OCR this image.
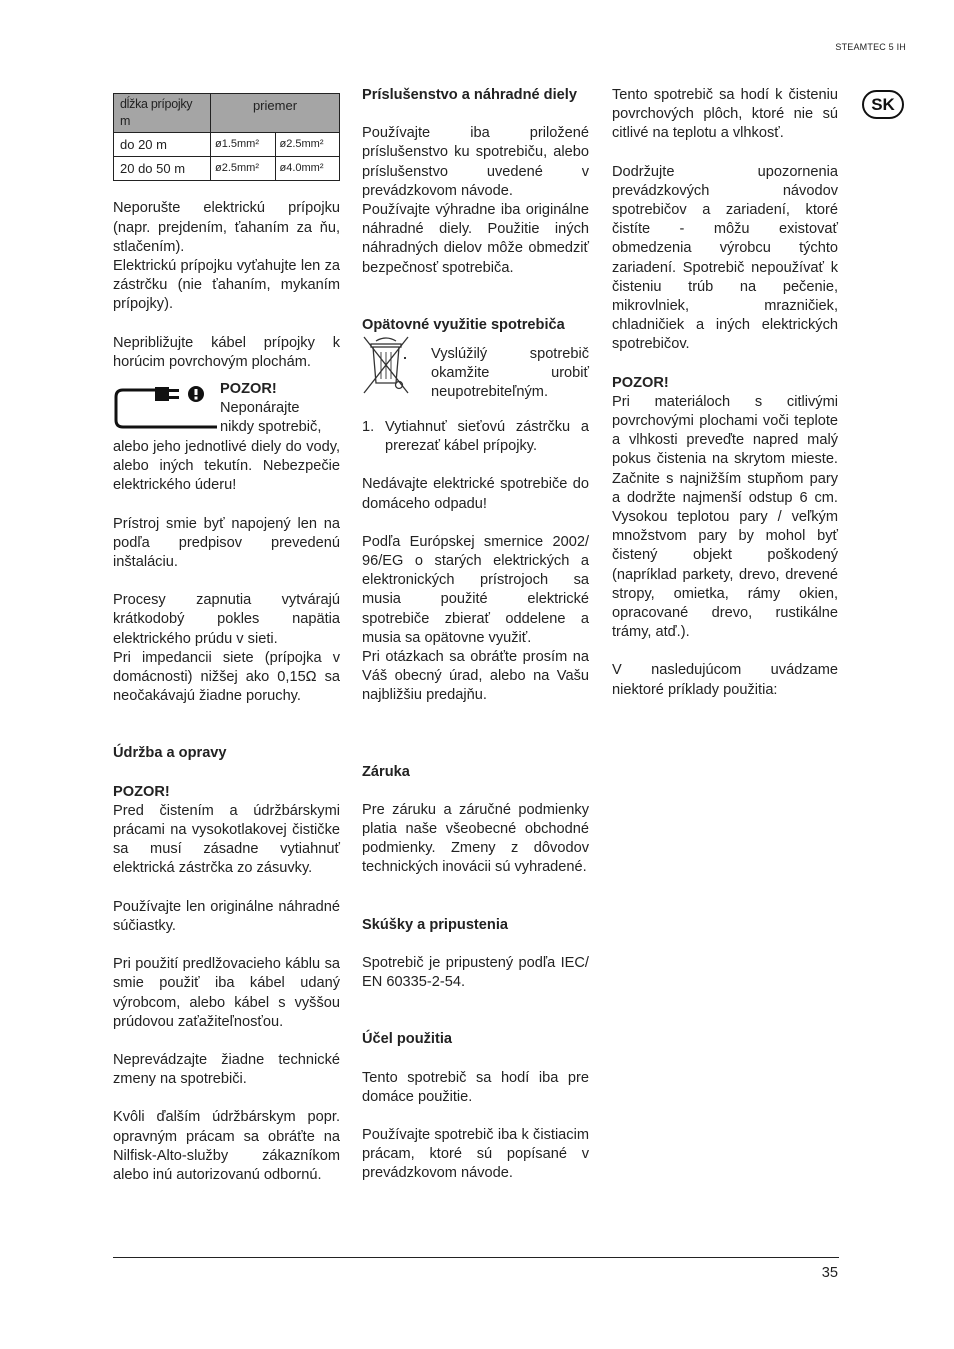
STEAMTEC 5 IH
SK
dĺžka prípojky m	priemer	
do 20 m	ø1.5mm²	ø2.5mm²
20 do 50 m	ø2.5mm²	ø4.0mm²

Neporušte elektrickú prípojku (napr. prejdením, ťahaním za ňu, stlačením).

Elektrickú prípojku vyťahujte len za zástrčku (nie ťahaním, mykaním prípojky).

Nepribližujte kábel prípojky k horúcim povrchovým plochám.

POZOR!
Neponárajte
nikdy spotrebič,

alebo jeho jednotlivé diely do vody, alebo iných tekutín. Nebezpečie elektrického úderu!

Prístroj smie byť napojený len na podľa predpisov prevedenú inštaláciu.

Procesy zapnutia vytvárajú krátkodobý pokles napätia elektrického prúdu v sieti.

Pri impedancii siete (prípojka v domácnosti) nižšej ako 0,15Ω sa neočakávajú žiadne poruchy.

Údržba a opravy
POZOR!

Pred čistením a údržbárskymi prácami na vysokotlakovej čističke sa musí zásadne vytiahnuť elektrická zástrčka zo zásuvky.

Používajte len originálne náhradné súčiastky.

Pri použití predlžovacieho káblu sa smie použiť iba kábel udaný výrobcom, alebo kábel s vyššou prúdovou zaťažiteľnosťou.

Neprevádzajte žiadne technické zmeny na spotrebiči.

Kvôli ďalším údržbárskym popr. opravným prácam sa obráťte na Nilfisk-Alto-služby zákazníkom alebo inú autorizovanú odbornú.

Príslušenstvo a náhradné diely

Používajte iba priložené príslušenstvo ku spotrebiču, alebo príslušenstvo uvedené v prevádzkovom návode.

Používajte výhradne iba originálne náhradné diely. Použitie iných náhradných dielov môže obmedziť bezpečnosť spotrebiča.

Opätovné využitie spotrebiča
Vyslúžilý spotrebič okamžite urobiť neupotrebiteľným.
1. Vytiahnuť sieťovú zástrčku a prerezať kábel prípojky.

Nedávajte elektrické spotrebiče do domáceho odpadu!

Podľa Európskej smernice 2002/ 96/EG o starých elektrických a elektronických prístrojoch sa musia použité elektrické spotrebiče zbierať oddelene a musia sa opätovne využiť.

Pri otázkach sa obráťte prosím na Váš obecný úrad, alebo na Vašu najbližšiu predajňu.

Záruka

Pre záruku a záručné podmienky platia naše všeobecné obchodné podmienky. Zmeny z dôvodov technických inovácii sú vyhradené.

Skúšky a pripustenia

Spotrebič je pripustený podľa IEC/ EN 60335-2-54.

Účel použitia

Tento spotrebič sa hodí iba pre domáce použitie.

Používajte spotrebič iba k čistiacim prácam, ktoré sú popísané v prevádzkovom návode.

Tento spotrebič sa hodí k čisteniu povrchových plôch, ktoré nie sú citlivé na teplotu a vlhkosť.

Dodržujte upozornenia prevádzkových návodov spotrebičov a zariadení, ktoré čistíte - môžu existovať obmedzenia výrobcu týchto zariadení. Spotrebič nepoužívať k čisteniu trúb na pečenie, mikrovlniek, mrazničiek, chladničiek a iných elektrických spotrebičov.

POZOR!

Pri materiáloch s citlivými povrchovými plochami voči teplote a vlhkosti preveďte napred malý pokus čistenia na skrytom mieste. Začnite s najnižším stupňom pary a dodržte najmenší odstup 6 cm. Vysokou teplotou pary / veľkým množstvom pary by mohol byť čistený objekt poškodený (napríklad parkety, drevo, drevené stropy, omietka, rámy okien, opracované drevo, rustikálne trámy, atď.).

V nasledujúcom uvádzame niektoré príklady použitia:

35
